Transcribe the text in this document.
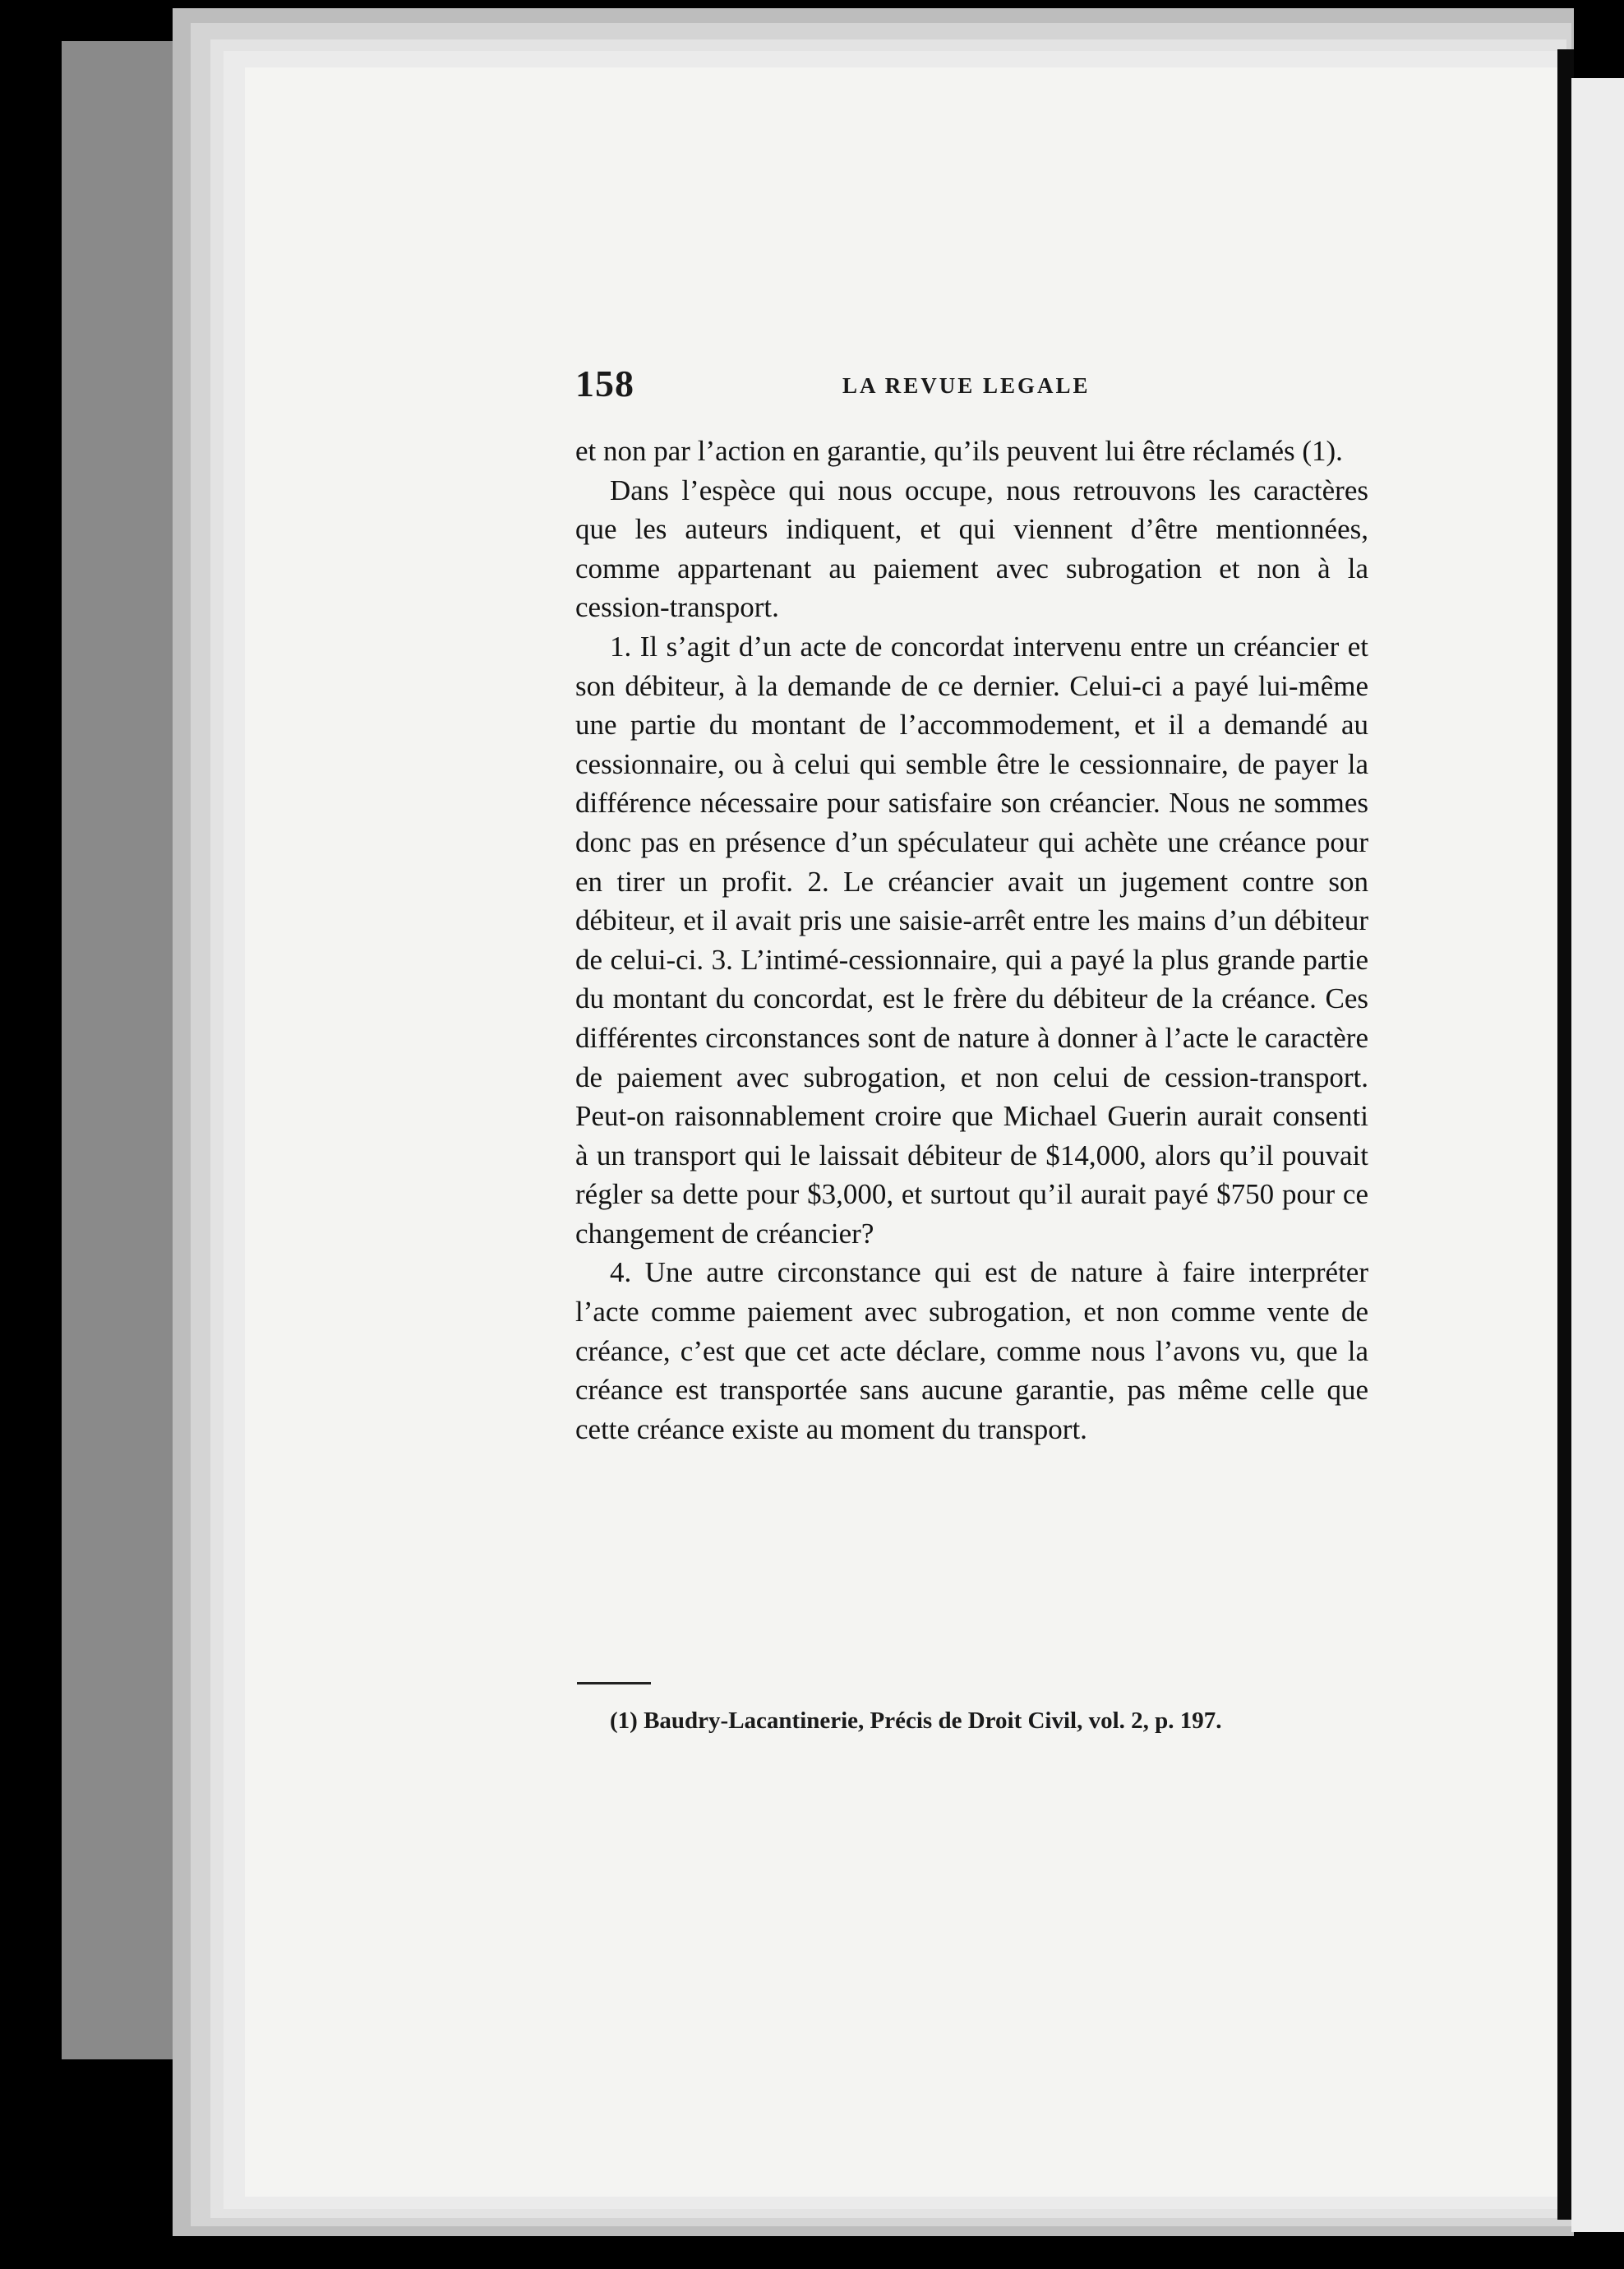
158	LA REVUE LEGALE

et non par l’action en garantie, qu’ils peuvent lui être réclamés (1).

Dans l’espèce qui nous occupe, nous retrouvons les caractères que les auteurs indiquent, et qui viennent d’être mentionnées, comme appartenant au paiement avec subrogation et non à la cession-transport.

1. Il s’agit d’un acte de concordat intervenu entre un créancier et son débiteur, à la demande de ce dernier. Celui-ci a payé lui-même une partie du montant de l’accommodement, et il a demandé au cessionnaire, ou à celui qui semble être le cessionnaire, de payer la différence nécessaire pour satisfaire son créancier. Nous ne sommes donc pas en présence d’un spéculateur qui achète une créance pour en tirer un profit. 2. Le créancier avait un jugement contre son débiteur, et il avait pris une saisie-arrêt entre les mains d’un débiteur de celui-ci. 3. L’intimé-cessionnaire, qui a payé la plus grande partie du montant du concordat, est le frère du débiteur de la créance. Ces différentes circonstances sont de nature à donner à l’acte le caractère de paiement avec subrogation, et non celui de cession-transport. Peut-on raisonnablement croire que Michael Guerin aurait consenti à un transport qui le laissait débiteur de $14,000, alors qu’il pouvait régler sa dette pour $3,000, et surtout qu’il aurait payé $750 pour ce changement de créancier?

4. Une autre circonstance qui est de nature à faire interpréter l’acte comme paiement avec subrogation, et non comme vente de créance, c’est que cet acte déclare, comme nous l’avons vu, que la créance est transportée sans aucune garantie, pas même celle que cette créance existe au moment du transport.

(1) Baudry-Lacantinerie, Précis de Droit Civil, vol. 2, p. 197.
